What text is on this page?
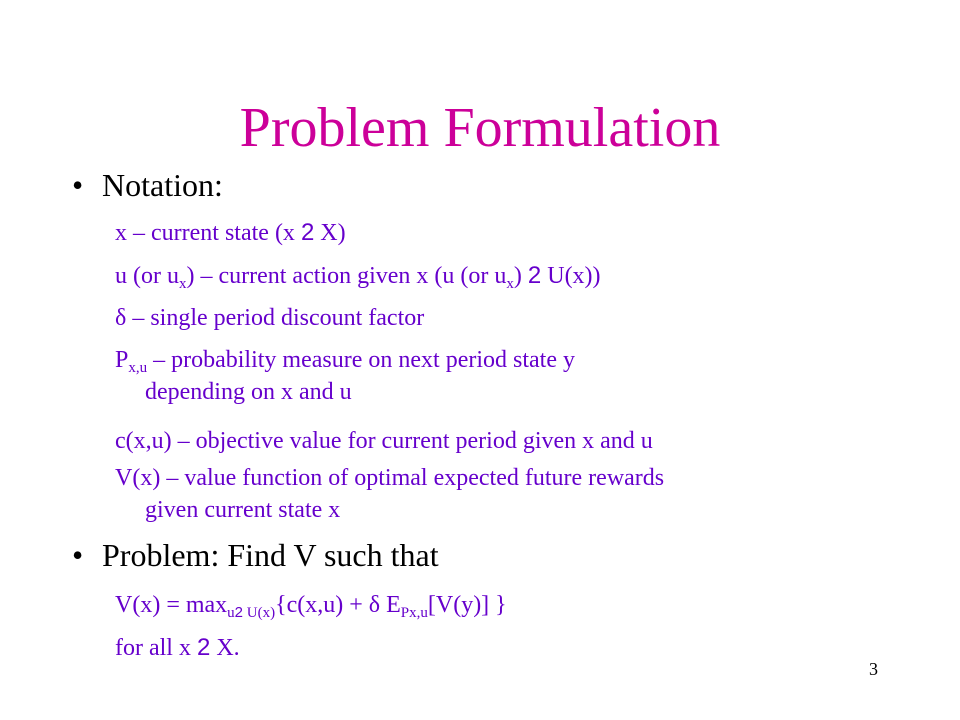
Problem Formulation
• Notation:
x – current state (x 2 X)
u (or $u_x$) – current action given x (u (or $u_x$) 2 U(x))
δ – single period discount factor
$P_{x,u}$ – probability measure on next period state y
depending on x and u
c(x,u) – objective value for current period given x and u
V(x) – value function of optimal expected future rewards
given current state x
• Problem: Find V such that
$V(x) = \max_{u2} _{U(x)}\{c(x,u) + \delta$ $E_{Px,u}[V(y)]$ }
for all x 2 X.
3
